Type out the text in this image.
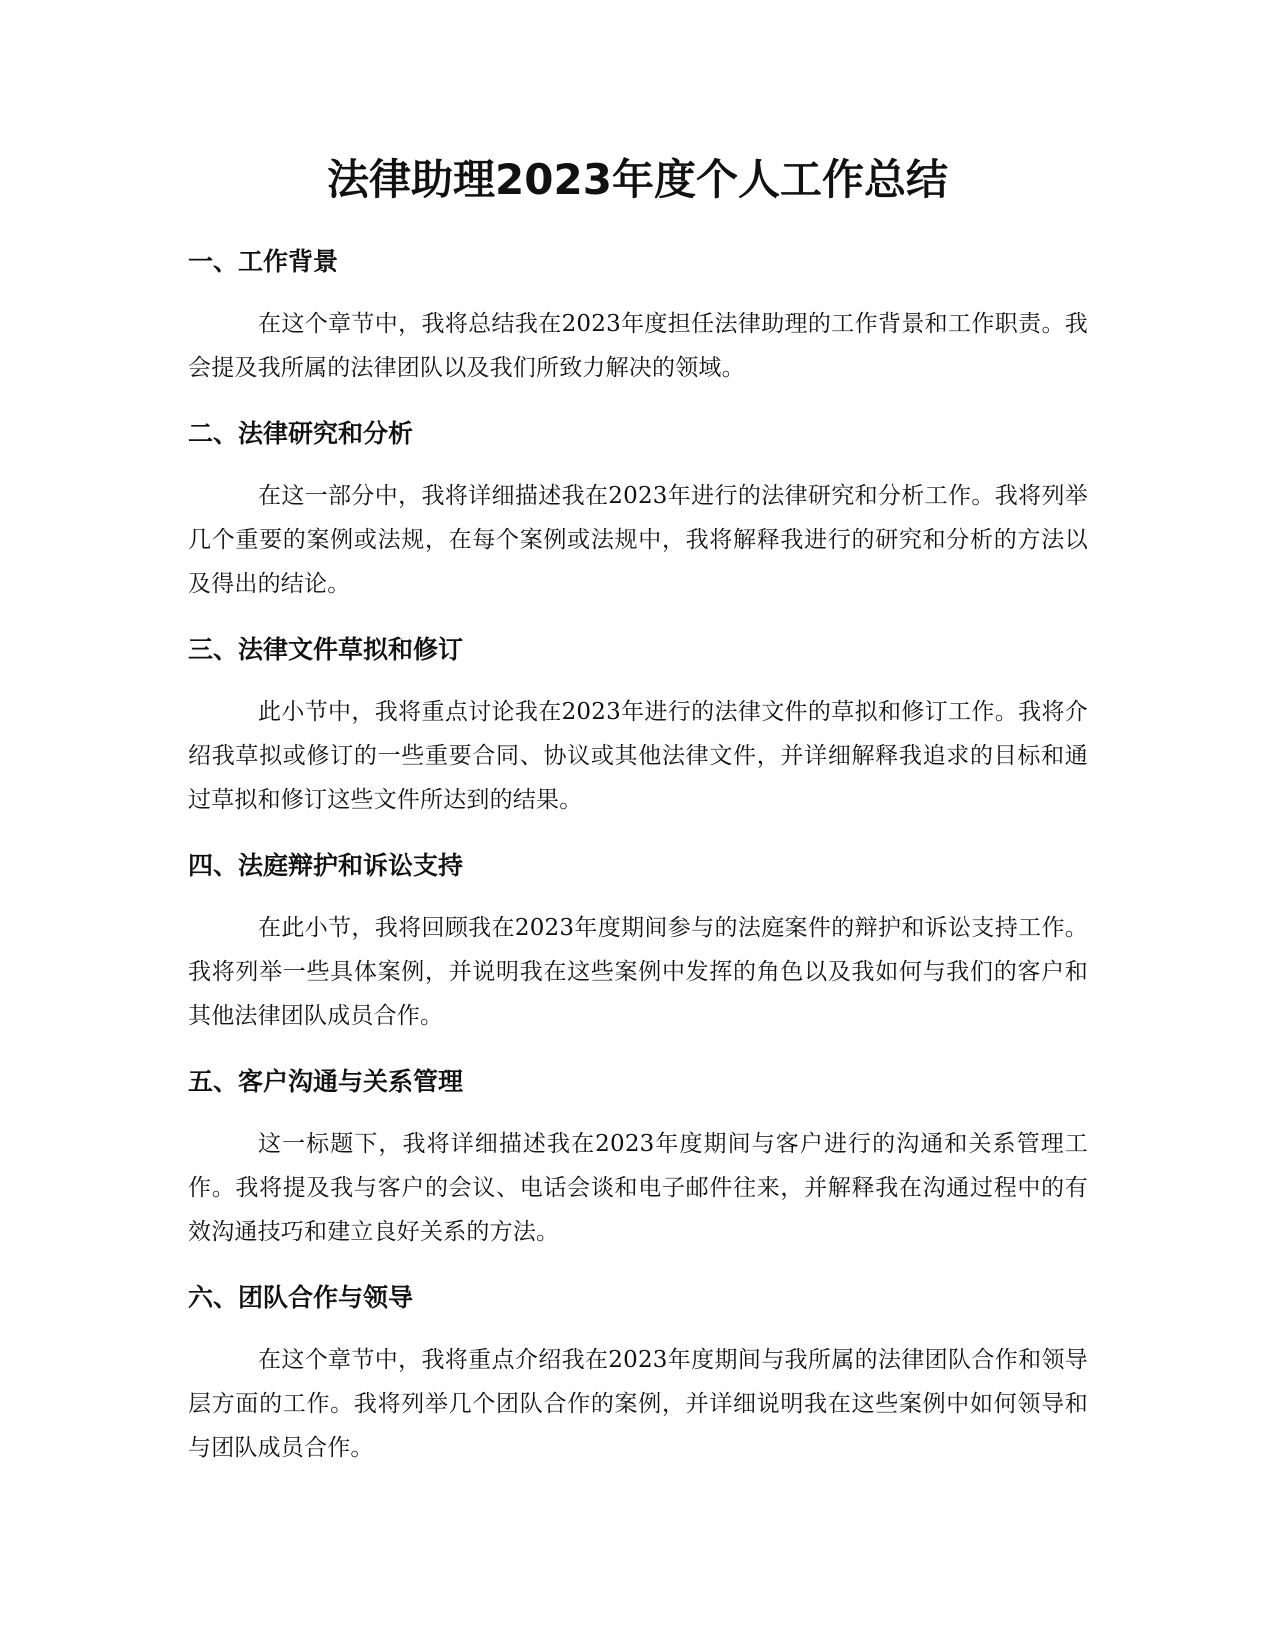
法律助理2023年度个人工作总结
一、工作背景

在这个章节中，我将总结我在2023年度担任法律助理的工作背景和工作职责。我会提及我所属的法律团队以及我们所致力解决的领域。

二、法律研究和分析

在这一部分中，我将详细描述我在2023年进行的法律研究和分析工作。我将列举几个重要的案例或法规，在每个案例或法规中，我将解释我进行的研究和分析的方法以及得出的结论。

三、法律文件草拟和修订

此小节中，我将重点讨论我在2023年进行的法律文件的草拟和修订工作。我将介绍我草拟或修订的一些重要合同、协议或其他法律文件，并详细解释我追求的目标和通过草拟和修订这些文件所达到的结果。

四、法庭辩护和诉讼支持

在此小节，我将回顾我在2023年度期间参与的法庭案件的辩护和诉讼支持工作。我将列举一些具体案例，并说明我在这些案例中发挥的角色以及我如何与我们的客户和其他法律团队成员合作。

五、客户沟通与关系管理

这一标题下，我将详细描述我在2023年度期间与客户进行的沟通和关系管理工作。我将提及我与客户的会议、电话会谈和电子邮件往来，并解释我在沟通过程中的有效沟通技巧和建立良好关系的方法。

六、团队合作与领导

在这个章节中，我将重点介绍我在2023年度期间与我所属的法律团队合作和领导层方面的工作。我将列举几个团队合作的案例，并详细说明我在这些案例中如何领导和与团队成员合作。
